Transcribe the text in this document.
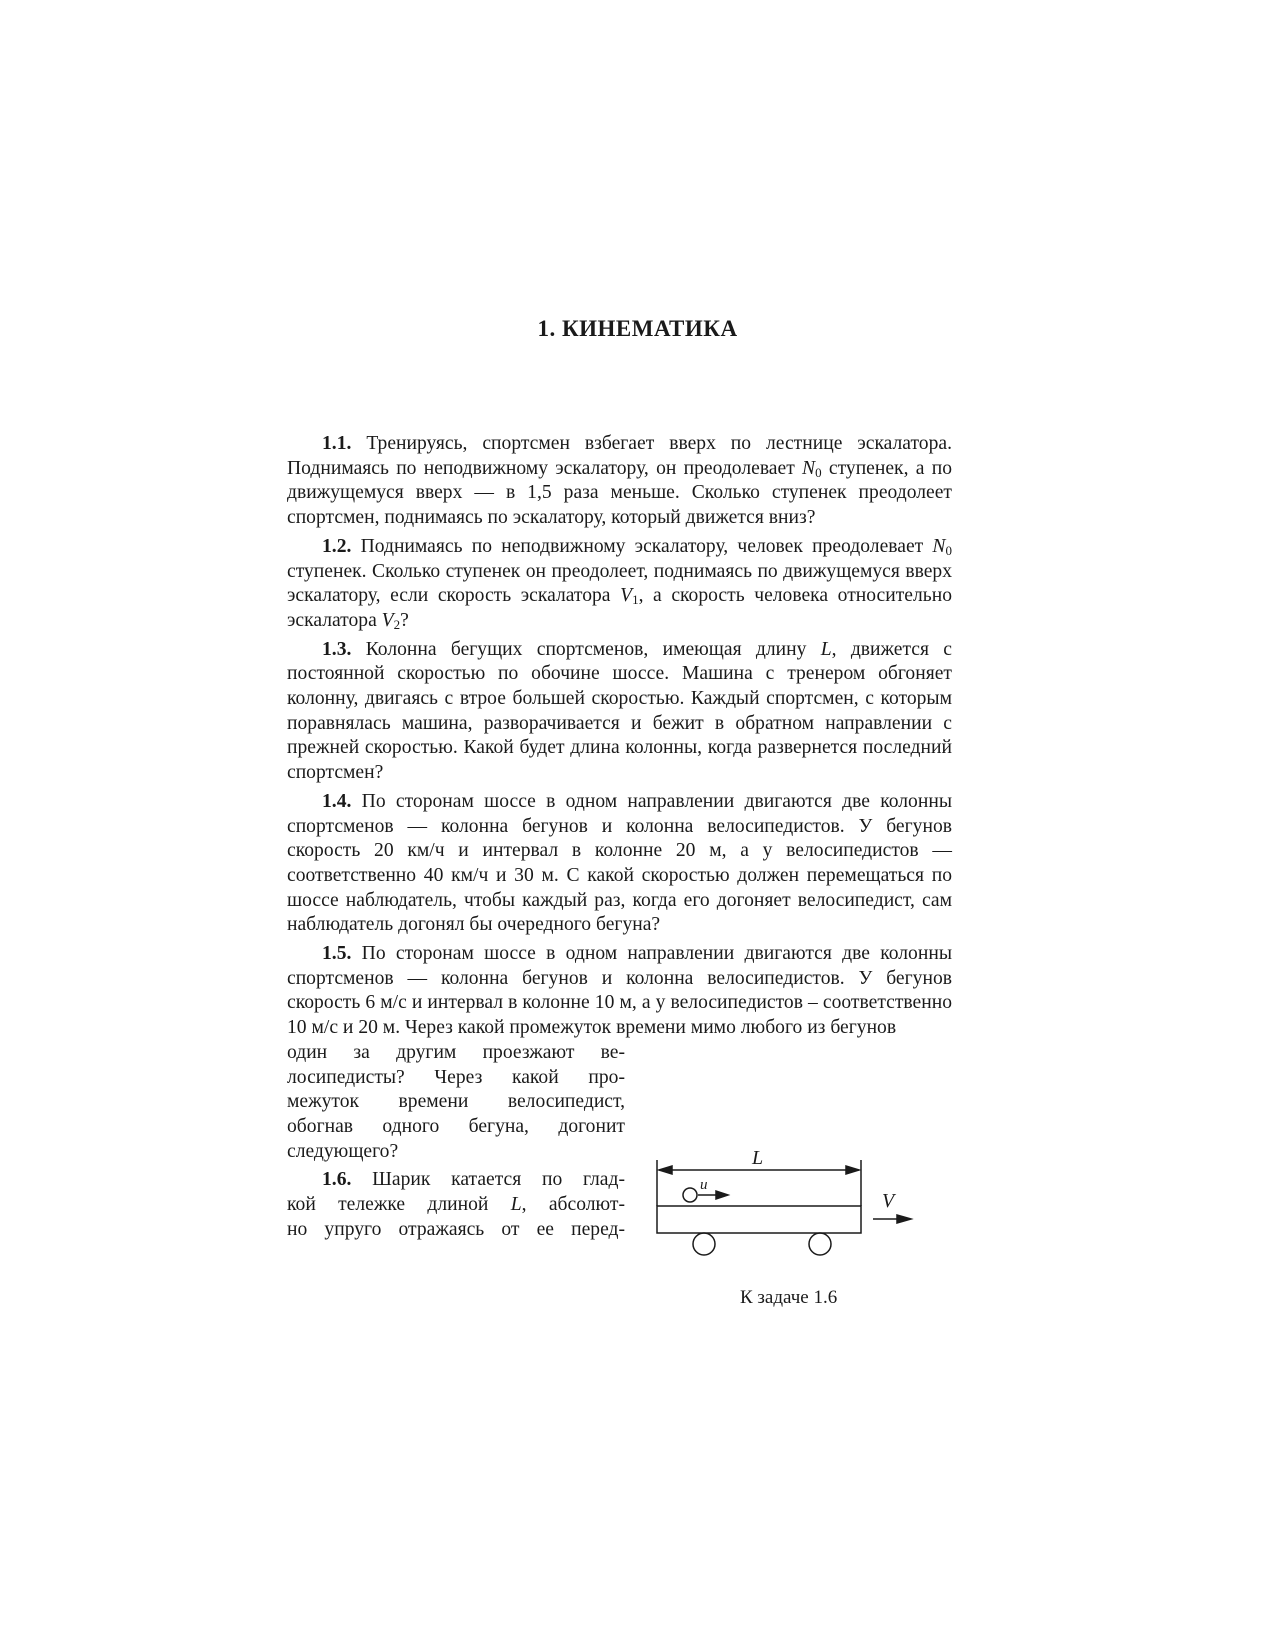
1. КИНЕМАТИКА

1.1. Тренируясь, спортсмен взбегает вверх по лестнице эскалатора. Поднимаясь по неподвижному эскалатору, он преодолевает $N_0$ ступенек, а по движущемуся вверх — в 1,5 раза меньше. Сколько ступенек преодолеет спортсмен, поднимаясь по эскалатору, который движется вниз?

1.2. Поднимаясь по неподвижному эскалатору, человек преодолевает $N_0$ ступенек. Сколько ступенек он преодолеет, поднимаясь по движущемуся вверх эскалатору, если скорость эскалатора $V_1$, а скорость человека относительно эскалатора $V_2$?

1.3. Колонна бегущих спортсменов, имеющая длину L, движется с постоянной скоростью по обочине шоссе. Машина с тренером обгоняет колонну, двигаясь с втрое большей скоростью. Каждый спортсмен, с которым поравнялась машина, разворачивается и бежит в обратном направлении с прежней скоростью. Какой будет длина колонны, когда развернется последний спортсмен?

1.4. По сторонам шоссе в одном направлении двигаются две колонны спортсменов — колонна бегунов и колонна велосипедистов. У бегунов скорость 20 км/ч и интервал в колонне 20 м, а у велосипедистов — соответственно 40 км/ч и 30 м. С какой скоростью должен перемещаться по шоссе наблюдатель, чтобы каждый раз, когда его догоняет велосипедист, сам наблюдатель догонял бы очередного бегуна?

1.5. По сторонам шоссе в одном направлении двигаются две колонны спортсменов — колонна бегунов и колонна велосипедистов. У бегунов скорость 6 м/с и интервал в колонне 10 м, а у велосипедистов – соответственно 10 м/с и 20 м. Через какой промежуток времени мимо любого из бегунов

один за другим проезжают ве-
лосипедисты? Через какой про-
межуток времени велосипедист,
обогнав одного бегуна, догонит
следующего?
1.6. Шарик катается по глад-
кой тележке длиной L, абсолют-
но упруго отражаясь от ее перед-
L
u
V
К задаче 1.6
